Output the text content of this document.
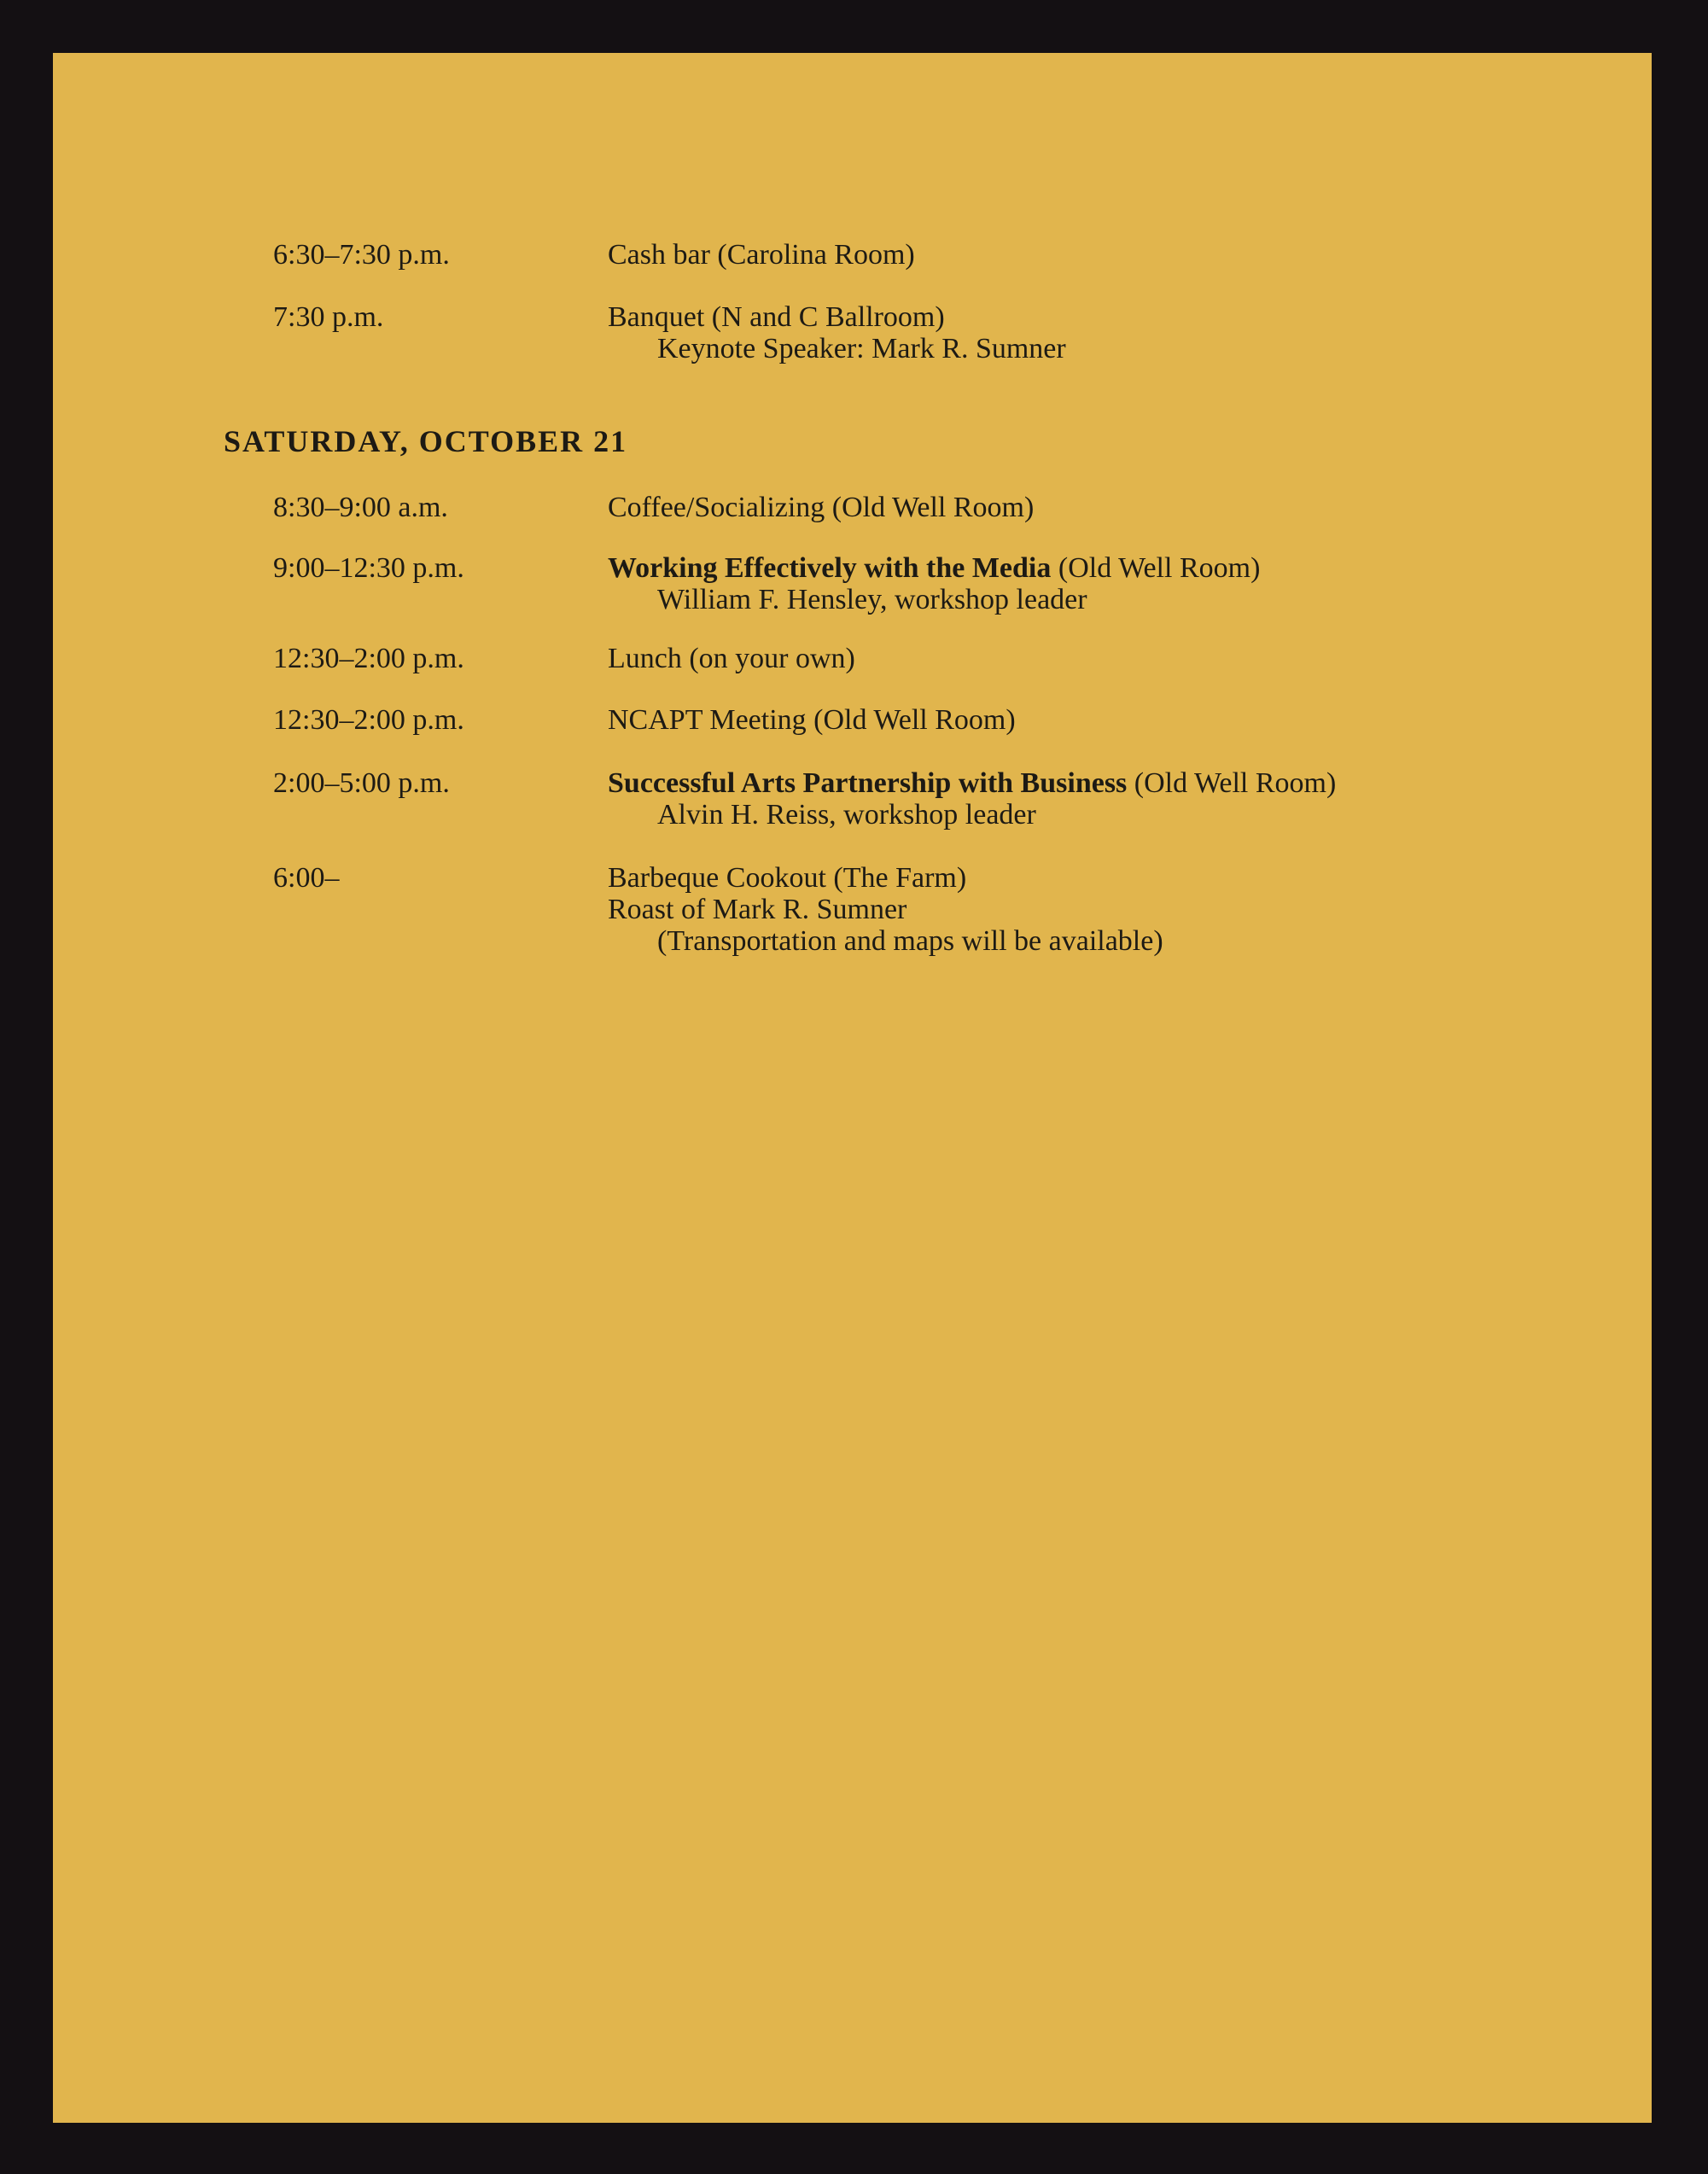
6:30–7:30 p.m.	Cash bar (Carolina Room)
7:30 p.m.	Banquet (N and C Ballroom)
Keynote Speaker: Mark R. Sumner
SATURDAY, OCTOBER 21
8:30–9:00 a.m.	Coffee/Socializing (Old Well Room)
9:00–12:30 p.m.	Working Effectively with the Media (Old Well Room)
William F. Hensley, workshop leader
12:30–2:00 p.m.	Lunch (on your own)
12:30–2:00 p.m.	NCAPT Meeting (Old Well Room)
2:00–5:00 p.m.	Successful Arts Partnership with Business (Old Well Room)
Alvin H. Reiss, workshop leader
6:00–	Barbeque Cookout (The Farm)
Roast of Mark R. Sumner
(Transportation and maps will be available)
